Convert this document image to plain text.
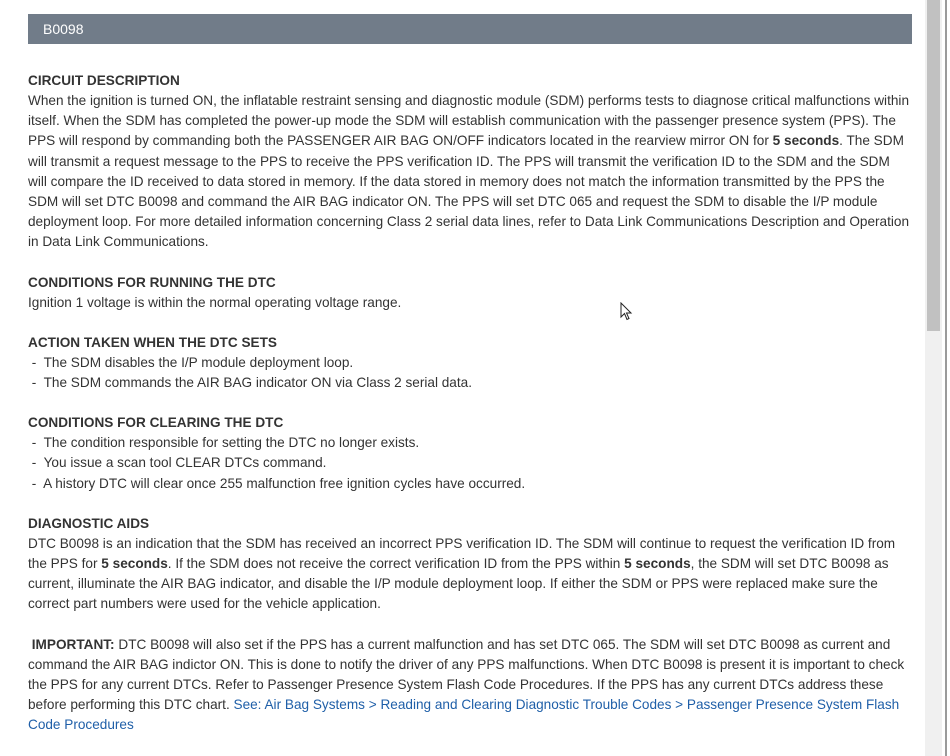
B0098
CIRCUIT DESCRIPTION

When the ignition is turned ON, the inflatable restraint sensing and diagnostic module (SDM) performs tests to diagnose critical malfunctions within itself. When the SDM has completed the power-up mode the SDM will establish communication with the passenger presence system (PPS). The PPS will respond by commanding both the PASSENGER AIR BAG ON/OFF indicators located in the rearview mirror ON for 5 seconds. The SDM will transmit a request message to the PPS to receive the PPS verification ID. The PPS will transmit the verification ID to the SDM and the SDM will compare the ID received to data stored in memory. If the data stored in memory does not match the information transmitted by the PPS the SDM will set DTC B0098 and command the AIR BAG indicator ON. The PPS will set DTC 065 and request the SDM to disable the I/P module deployment loop. For more detailed information concerning Class 2 serial data lines, refer to Data Link Communications Description and Operation in Data Link Communications.

CONDITIONS FOR RUNNING THE DTC

Ignition 1 voltage is within the normal operating voltage range.

ACTION TAKEN WHEN THE DTC SETS

-  The SDM disables the I/P module deployment loop.

-  The SDM commands the AIR BAG indicator ON via Class 2 serial data.

CONDITIONS FOR CLEARING THE DTC

-  The condition responsible for setting the DTC no longer exists.

-  You issue a scan tool CLEAR DTCs command.

-  A history DTC will clear once 255 malfunction free ignition cycles have occurred.

DIAGNOSTIC AIDS

DTC B0098 is an indication that the SDM has received an incorrect PPS verification ID. The SDM will continue to request the verification ID from the PPS for 5 seconds. If the SDM does not receive the correct verification ID from the PPS within 5 seconds, the SDM will set DTC B0098 as current, illuminate the AIR BAG indicator, and disable the I/P module deployment loop. If either the SDM or PPS were replaced make sure the correct part numbers were used for the vehicle application.

IMPORTANT: DTC B0098 will also set if the PPS has a current malfunction and has set DTC 065. The SDM will set DTC B0098 as current and command the AIR BAG indictor ON. This is done to notify the driver of any PPS malfunctions. When DTC B0098 is present it is important to check the PPS for any current DTCs. Refer to Passenger Presence System Flash Code Procedures. If the PPS has any current DTCs address these before performing this DTC chart. See: Air Bag Systems > Reading and Clearing Diagnostic Trouble Codes > Passenger Presence System Flash Code Procedures
